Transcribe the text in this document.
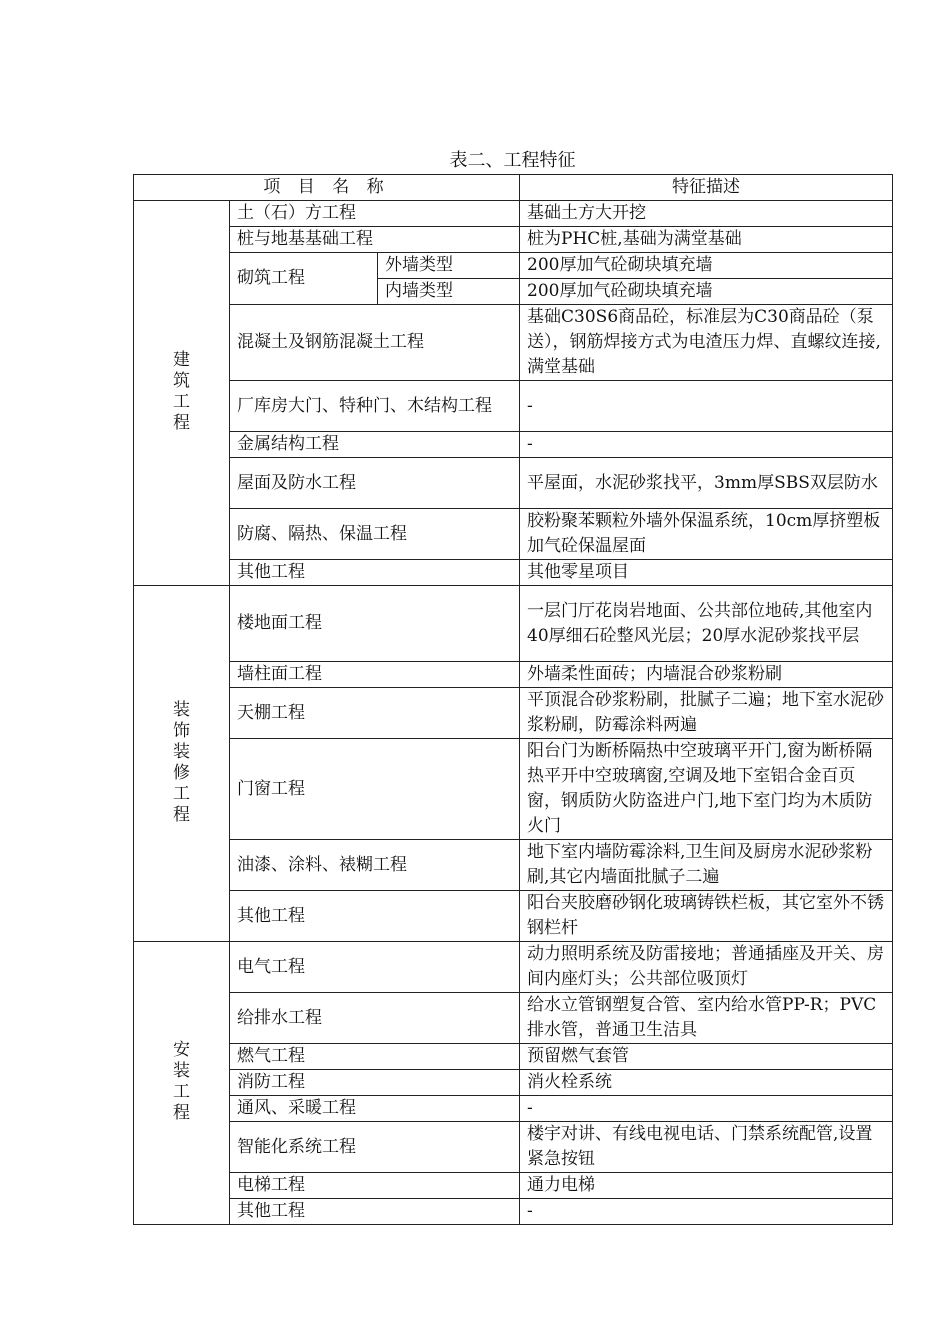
表二、工程特征
项 目 名 称			特征描述
建筑工程	土（石）方工程		基础土方大开挖
	桩与地基基础工程		桩为PHC桩,基础为满堂基础
	砌筑工程	外墙类型	200厚加气砼砌块填充墙
		内墙类型	200厚加气砼砌块填充墙
	混凝土及钢筋混凝土工程		基础C30S6商品砼，标准层为C30商品砼（泵送），钢筋焊接方式为电渣压力焊、直螺纹连接,满堂基础
	厂库房大门、特种门、木结构工程		-
	金属结构工程		-
	屋面及防水工程		平屋面，水泥砂浆找平，3mm厚SBS双层防水
	防腐、隔热、保温工程		胶粉聚苯颗粒外墙外保温系统，10cm厚挤塑板加气砼保温屋面
	其他工程		其他零星项目
装饰装修工程	楼地面工程		一层门厅花岗岩地面、公共部位地砖,其他室内40厚细石砼整风光层；20厚水泥砂浆找平层
	墙柱面工程		外墙柔性面砖；内墙混合砂浆粉刷
	天棚工程		平顶混合砂浆粉刷，批腻子二遍；地下室水泥砂浆粉刷，防霉涂料两遍
	门窗工程		阳台门为断桥隔热中空玻璃平开门,窗为断桥隔热平开中空玻璃窗,空调及地下室铝合金百页窗，钢质防火防盗进户门,地下室门均为木质防火门
	油漆、涂料、裱糊工程		地下室内墙防霉涂料,卫生间及厨房水泥砂浆粉刷,其它内墙面批腻子二遍
	其他工程		阳台夹胶磨砂钢化玻璃铸铁栏板，其它室外不锈钢栏杆
安装工程	电气工程		动力照明系统及防雷接地；普通插座及开关、房间内座灯头；公共部位吸顶灯
	给排水工程		给水立管钢塑复合管、室内给水管PP-R；PVC排水管，普通卫生洁具
	燃气工程		预留燃气套管
	消防工程		消火栓系统
	通风、采暖工程		-
	智能化系统工程		楼宇对讲、有线电视电话、门禁系统配管,设置紧急按钮
	电梯工程		通力电梯
	其他工程		-
